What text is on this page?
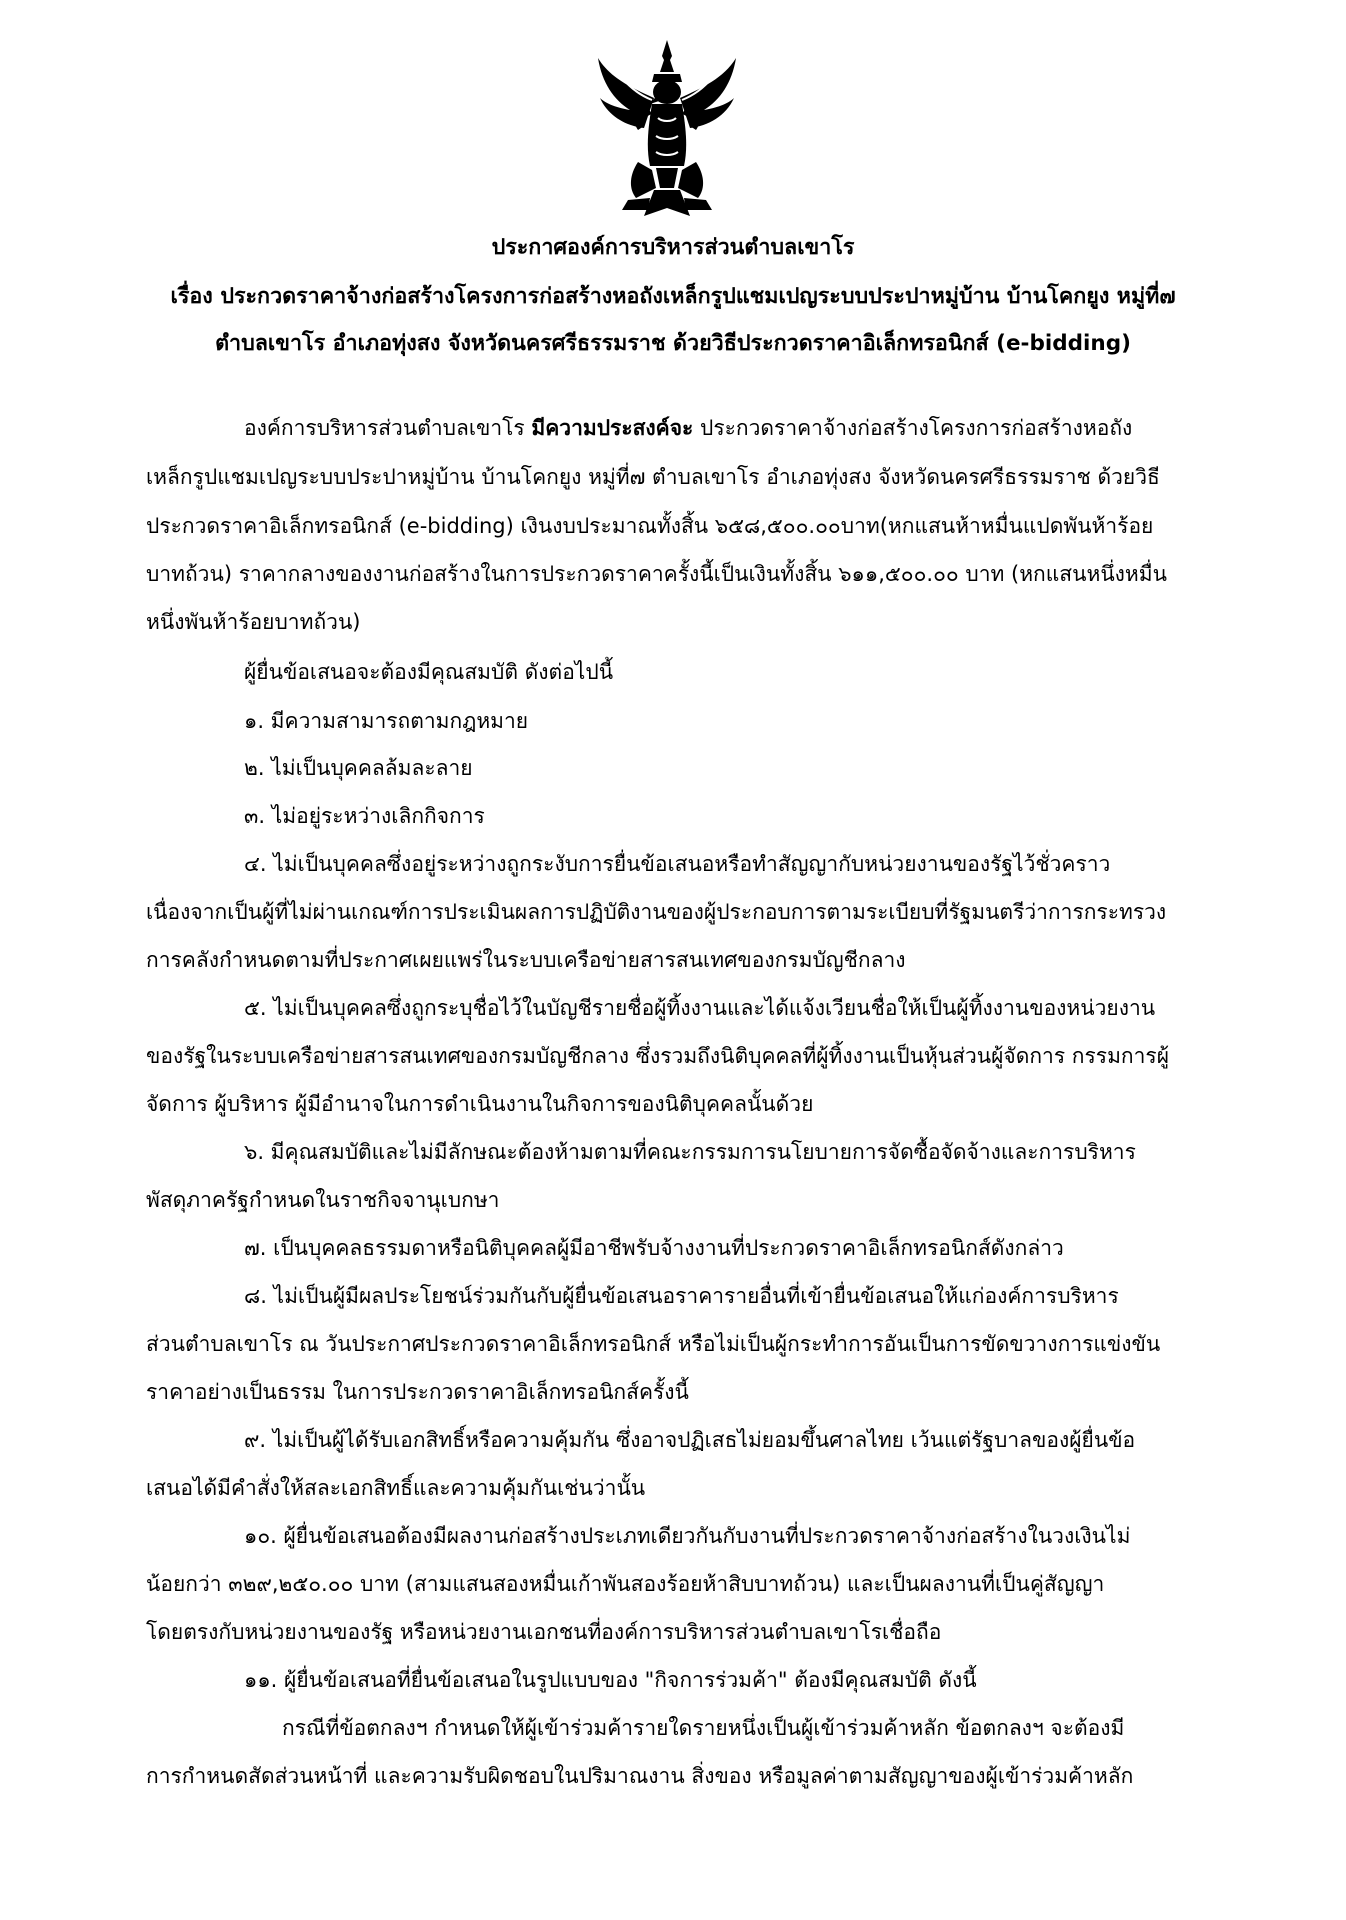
ประกาศองค์การบริหารส่วนตำบลเขาโร
เรื่อง ประกวดราคาจ้างก่อสร้างโครงการก่อสร้างหอถังเหล็กรูปแชมเปญระบบประปาหมู่บ้าน บ้านโคกยูง หมู่ที่๗
ตำบลเขาโร อำเภอทุ่งสง จังหวัดนครศรีธรรมราช ด้วยวิธีประกวดราคาอิเล็กทรอนิกส์ (e-bidding)
องค์การบริหารส่วนตำบลเขาโร มีความประสงค์จะ ประกวดราคาจ้างก่อสร้างโครงการก่อสร้างหอถัง
เหล็กรูปแชมเปญระบบประปาหมู่บ้าน บ้านโคกยูง หมู่ที่๗ ตำบลเขาโร อำเภอทุ่งสง จังหวัดนครศรีธรรมราช ด้วยวิธี
ประกวดราคาอิเล็กทรอนิกส์ (e-bidding) เงินงบประมาณทั้งสิ้น ๖๕๘,๕๐๐.๐๐บาท(หกแสนห้าหมื่นแปดพันห้าร้อย
บาทถ้วน) ราคากลางของงานก่อสร้างในการประกวดราคาครั้งนี้เป็นเงินทั้งสิ้น ๖๑๑,๕๐๐.๐๐ บาท (หกแสนหนึ่งหมื่น
หนึ่งพันห้าร้อยบาทถ้วน)
ผู้ยื่นข้อเสนอจะต้องมีคุณสมบัติ ดังต่อไปนี้
๑. มีความสามารถตามกฎหมาย
๒. ไม่เป็นบุคคลล้มละลาย
๓. ไม่อยู่ระหว่างเลิกกิจการ
๔. ไม่เป็นบุคคลซึ่งอยู่ระหว่างถูกระงับการยื่นข้อเสนอหรือทำสัญญากับหน่วยงานของรัฐไว้ชั่วคราว
เนื่องจากเป็นผู้ที่ไม่ผ่านเกณฑ์การประเมินผลการปฏิบัติงานของผู้ประกอบการตามระเบียบที่รัฐมนตรีว่าการกระทรวง
การคลังกำหนดตามที่ประกาศเผยแพร่ในระบบเครือข่ายสารสนเทศของกรมบัญชีกลาง
๕. ไม่เป็นบุคคลซึ่งถูกระบุชื่อไว้ในบัญชีรายชื่อผู้ทิ้งงานและได้แจ้งเวียนชื่อให้เป็นผู้ทิ้งงานของหน่วยงาน
ของรัฐในระบบเครือข่ายสารสนเทศของกรมบัญชีกลาง ซึ่งรวมถึงนิติบุคคลที่ผู้ทิ้งงานเป็นหุ้นส่วนผู้จัดการ กรรมการผู้
จัดการ ผู้บริหาร ผู้มีอำนาจในการดำเนินงานในกิจการของนิติบุคคลนั้นด้วย
๖. มีคุณสมบัติและไม่มีลักษณะต้องห้ามตามที่คณะกรรมการนโยบายการจัดซื้อจัดจ้างและการบริหาร
พัสดุภาครัฐกำหนดในราชกิจจานุเบกษา
๗. เป็นบุคคลธรรมดาหรือนิติบุคคลผู้มีอาชีพรับจ้างงานที่ประกวดราคาอิเล็กทรอนิกส์ดังกล่าว
๘. ไม่เป็นผู้มีผลประโยชน์ร่วมกันกับผู้ยื่นข้อเสนอราคารายอื่นที่เข้ายื่นข้อเสนอให้แก่องค์การบริหาร
ส่วนตำบลเขาโร ณ วันประกาศประกวดราคาอิเล็กทรอนิกส์ หรือไม่เป็นผู้กระทำการอันเป็นการขัดขวางการแข่งขัน
ราคาอย่างเป็นธรรม ในการประกวดราคาอิเล็กทรอนิกส์ครั้งนี้
๙. ไม่เป็นผู้ได้รับเอกสิทธิ์หรือความคุ้มกัน ซึ่งอาจปฏิเสธไม่ยอมขึ้นศาลไทย เว้นแต่รัฐบาลของผู้ยื่นข้อ
เสนอได้มีคำสั่งให้สละเอกสิทธิ์และความคุ้มกันเช่นว่านั้น
๑๐. ผู้ยื่นข้อเสนอต้องมีผลงานก่อสร้างประเภทเดียวกันกับงานที่ประกวดราคาจ้างก่อสร้างในวงเงินไม่
น้อยกว่า ๓๒๙,๒๕๐.๐๐ บาท (สามแสนสองหมื่นเก้าพันสองร้อยห้าสิบบาทถ้วน) และเป็นผลงานที่เป็นคู่สัญญา
โดยตรงกับหน่วยงานของรัฐ หรือหน่วยงานเอกชนที่องค์การบริหารส่วนตำบลเขาโรเชื่อถือ
๑๑. ผู้ยื่นข้อเสนอที่ยื่นข้อเสนอในรูปแบบของ "กิจการร่วมค้า" ต้องมีคุณสมบัติ ดังนี้
กรณีที่ข้อตกลงฯ กำหนดให้ผู้เข้าร่วมค้ารายใดรายหนึ่งเป็นผู้เข้าร่วมค้าหลัก ข้อตกลงฯ จะต้องมี
การกำหนดสัดส่วนหน้าที่ และความรับผิดชอบในปริมาณงาน สิ่งของ หรือมูลค่าตามสัญญาของผู้เข้าร่วมค้าหลัก
